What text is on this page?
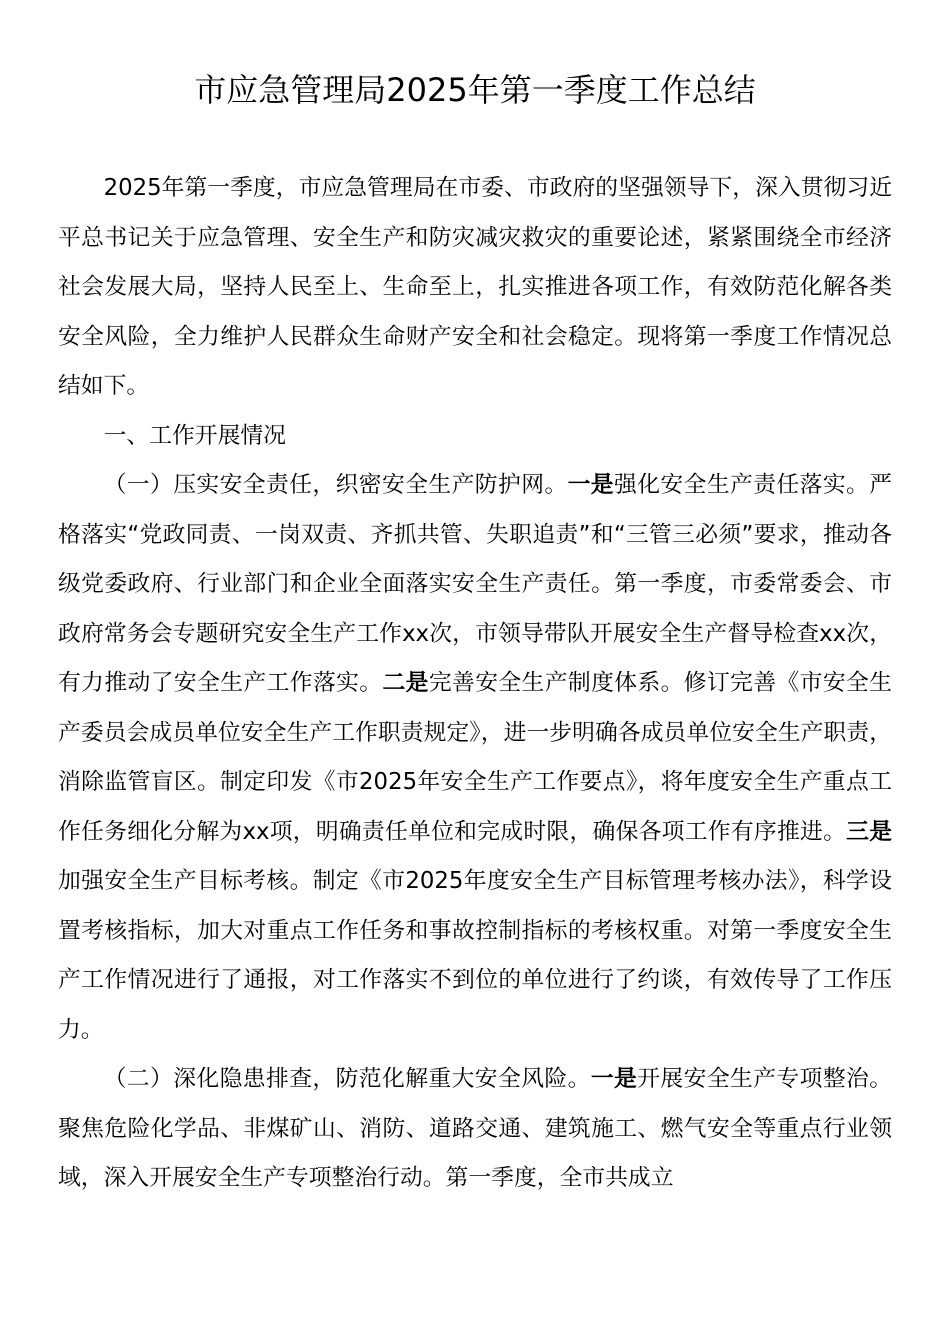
市应急管理局2025年第一季度工作总结

2025年第一季度，市应急管理局在市委、市政府的坚强领导下，深入贯彻习近平总书记关于应急管理、安全生产和防灾减灾救灾的重要论述，紧紧围绕全市经济社会发展大局，坚持人民至上、生命至上，扎实推进各项工作，有效防范化解各类安全风险，全力维护人民群众生命财产安全和社会稳定。现将第一季度工作情况总结如下。

一、工作开展情况

（一）压实安全责任，织密安全生产防护网。一是强化安全生产责任落实。严格落实“党政同责、一岗双责、齐抓共管、失职追责”和“三管三必须”要求，推动各级党委政府、行业部门和企业全面落实安全生产责任。第一季度，市委常委会、市政府常务会专题研究安全生产工作xx次，市领导带队开展安全生产督导检查xx次，有力推动了安全生产工作落实。二是完善安全生产制度体系。修订完善《市安全生产委员会成员单位安全生产工作职责规定》，进一步明确各成员单位安全生产职责，消除监管盲区。制定印发《市2025年安全生产工作要点》，将年度安全生产重点工作任务细化分解为xx项，明确责任单位和完成时限，确保各项工作有序推进。三是加强安全生产目标考核。制定《市2025年度安全生产目标管理考核办法》，科学设置考核指标，加大对重点工作任务和事故控制指标的考核权重。对第一季度安全生产工作情况进行了通报，对工作落实不到位的单位进行了约谈，有效传导了工作压力。

（二）深化隐患排查，防范化解重大安全风险。一是开展安全生产专项整治。聚焦危险化学品、非煤矿山、消防、道路交通、建筑施工、燃气安全等重点行业领域，深入开展安全生产专项整治行动。第一季度，全市共成立
